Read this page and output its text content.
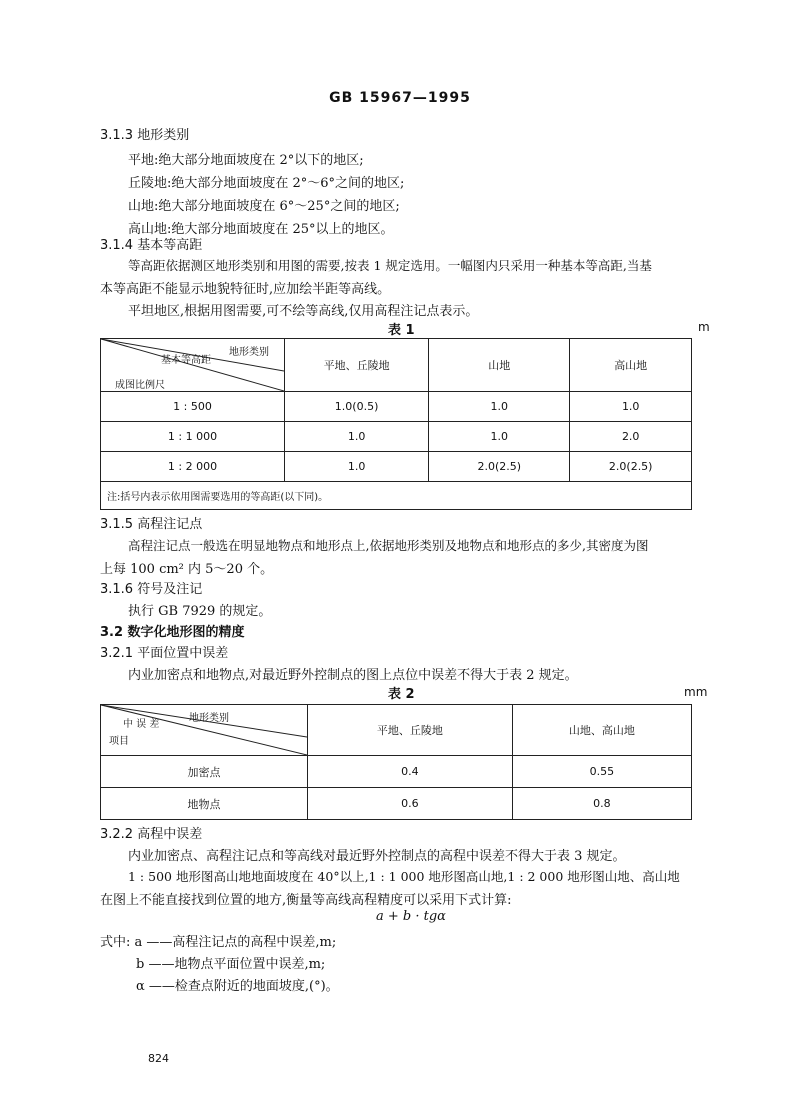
GB 15967—1995
3.1.3 地形类别
平地:绝大部分地面坡度在 2°以下的地区;
丘陵地:绝大部分地面坡度在 2°～6°之间的地区;
山地:绝大部分地面坡度在 6°～25°之间的地区;
高山地:绝大部分地面坡度在 25°以上的地区。
3.1.4 基本等高距
等高距依据测区地形类别和用图的需要,按表 1 规定选用。一幅图内只采用一种基本等高距,当基
本等高距不能显示地貌特征时,应加绘半距等高线。
平坦地区,根据用图需要,可不绘等高线,仅用高程注记点表示。
表 1	m
地形类别
基本等高距
成图比例尺	平地、丘陵地	山地	高山地
1 : 500	1.0(0.5)	1.0	1.0
1 : 1 000	1.0	1.0	2.0
1 : 2 000	1.0	2.0(2.5)	2.0(2.5)
注:括号内表示依用图需要选用的等高距(以下同)。			
3.1.5 高程注记点
高程注记点一般选在明显地物点和地形点上,依据地形类别及地物点和地形点的多少,其密度为图
上每 100 cm² 内 5～20 个。
3.1.6 符号及注记
执行 GB 7929 的规定。
3.2 数字化地形图的精度
3.2.1 平面位置中误差
内业加密点和地物点,对最近野外控制点的图上点位中误差不得大于表 2 规定。
表 2	mm
地形类别
中 误 差
项目	平地、丘陵地	山地、高山地
加密点	0.4	0.55
地物点	0.6	0.8
3.2.2 高程中误差
内业加密点、高程注记点和等高线对最近野外控制点的高程中误差不得大于表 3 规定。
1 : 500 地形图高山地地面坡度在 40°以上,1 : 1 000 地形图高山地,1 : 2 000 地形图山地、高山地
在图上不能直接找到位置的地方,衡量等高线高程精度可以采用下式计算:
a + b · tgα
式中: a ——高程注记点的高程中误差,m;
b ——地物点平面位置中误差,m;
α ——检查点附近的地面坡度,(°)。
824
